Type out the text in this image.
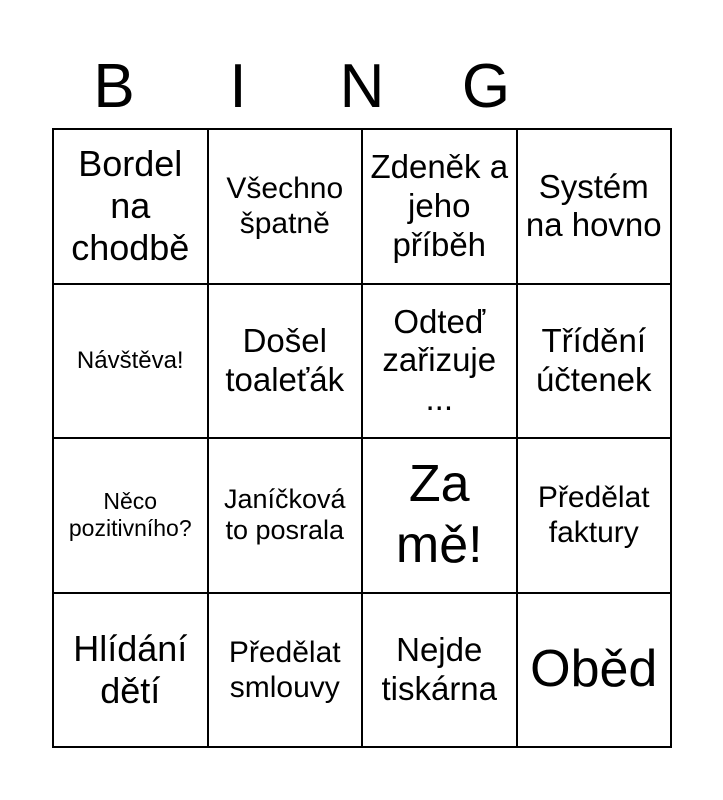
B	I	N	G
Bordel na chodbě
Všechno špatně
Zdeněk a jeho příběh
Systém na hovno
Návštěva!
Došel toaleťák
Odteď zařizuje ...
Třídění účtenek
Něco pozitivního?
Janíčková to posrala
Za mě!
Předělat faktury
Hlídání dětí
Předělat smlouvy
Nejde tiskárna Oběd
